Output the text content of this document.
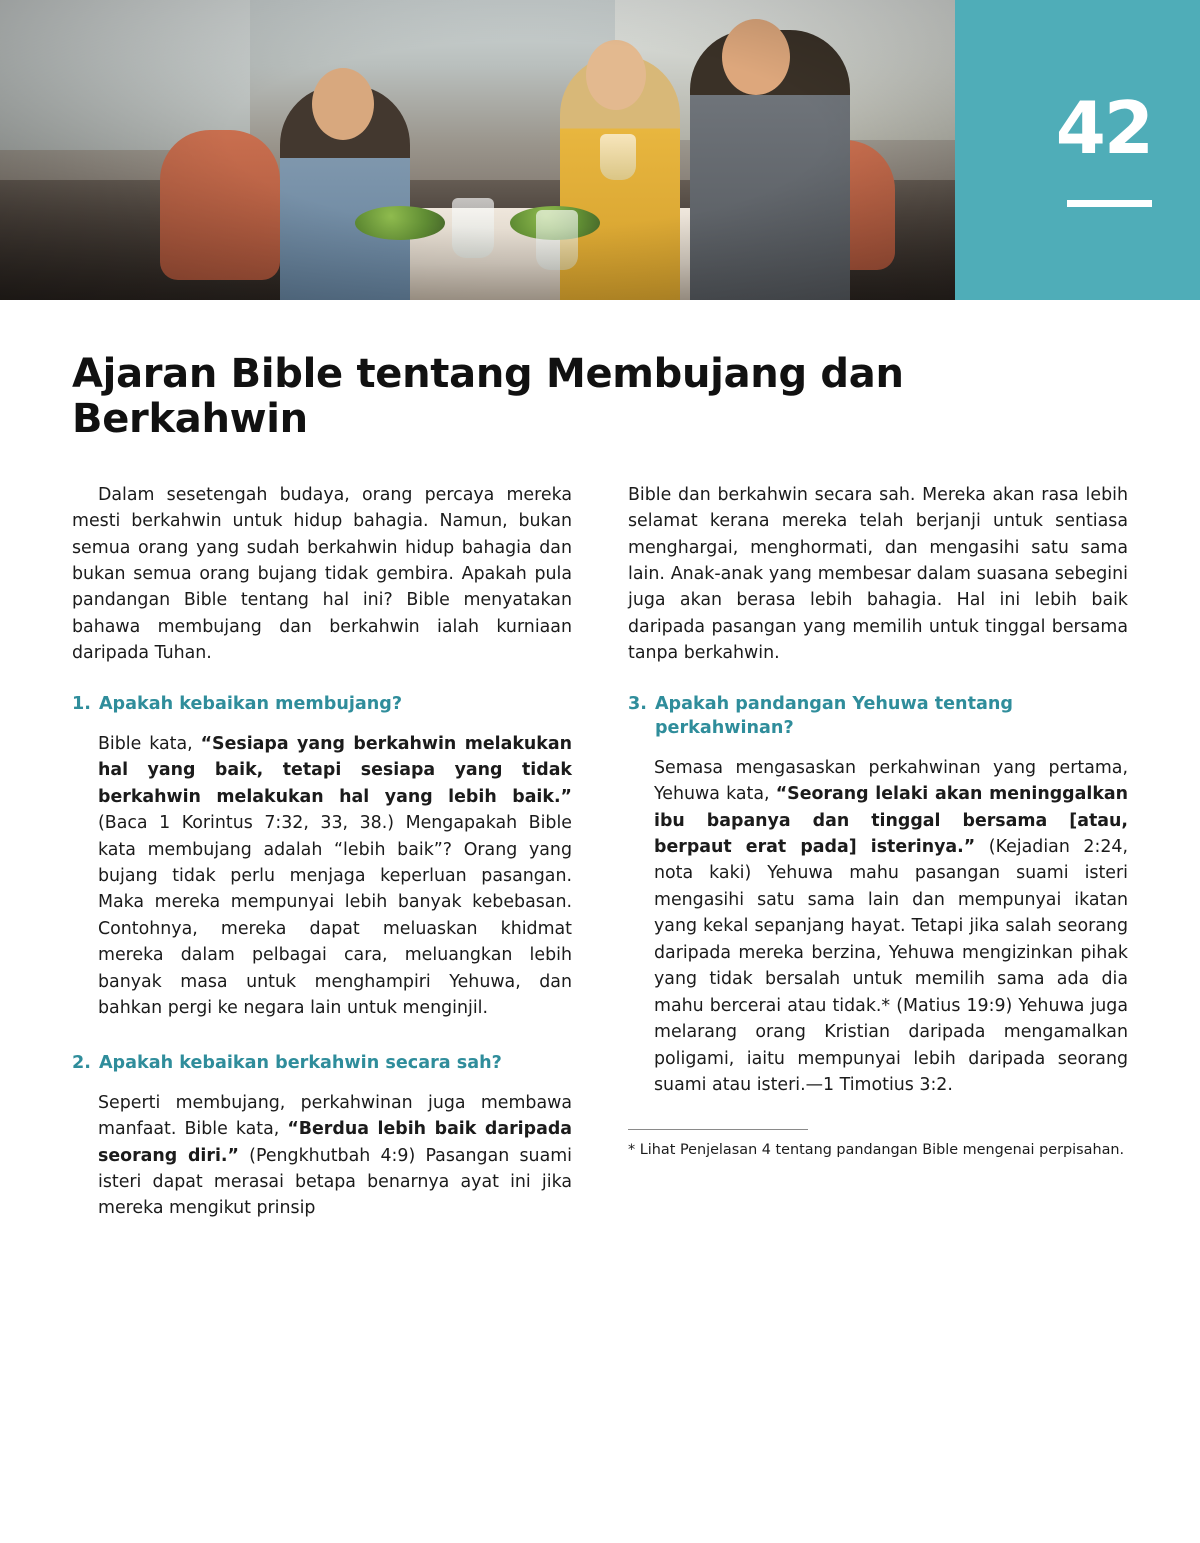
42
Ajaran Bible tentang Membujang dan Berkahwin

Dalam sesetengah budaya, orang percaya mereka mesti berkahwin untuk hidup bahagia. Namun, bukan semua orang yang sudah berkahwin hidup bahagia dan bukan semua orang bujang tidak gembira. Apakah pula pandangan Bible tentang hal ini? Bible menyatakan bahawa membujang dan berkahwin ialah kurniaan daripada Tuhan.

1. Apakah kebaikan membujang?

Bible kata, “Sesiapa yang berkahwin melakukan hal yang baik, tetapi sesiapa yang tidak berkahwin melakukan hal yang lebih baik.” (Baca 1 Korintus 7:32, 33, 38.) Mengapakah Bible kata membujang adalah “lebih baik”? Orang yang bujang tidak perlu menjaga keperluan pasangan. Maka mereka mempunyai lebih banyak kebebasan. Contohnya, mereka dapat meluaskan khidmat mereka dalam pelbagai cara, meluangkan lebih banyak masa untuk menghampiri Yehuwa, dan bahkan pergi ke negara lain untuk menginjil.

2. Apakah kebaikan berkahwin secara sah?

Seperti membujang, perkahwinan juga membawa manfaat. Bible kata, “Berdua lebih baik daripada seorang diri.” (Pengkhutbah 4:9) Pasangan suami isteri dapat merasai betapa benarnya ayat ini jika mereka mengikut prinsip

Bible dan berkahwin secara sah. Mereka akan rasa lebih selamat kerana mereka telah berjanji untuk sentiasa menghargai, menghormati, dan mengasihi satu sama lain. Anak-anak yang membesar dalam suasana sebegini juga akan berasa lebih bahagia. Hal ini lebih baik daripada pasangan yang memilih untuk tinggal bersama tanpa berkahwin.

3. Apakah pandangan Yehuwa tentang perkahwinan?

Semasa mengasaskan perkahwinan yang pertama, Yehuwa kata, “Seorang lelaki akan meninggalkan ibu bapanya dan tinggal bersama [atau, berpaut erat pada] isterinya.” (Kejadian 2:24, nota kaki) Yehuwa mahu pasangan suami isteri mengasihi satu sama lain dan mempunyai ikatan yang kekal sepanjang hayat. Tetapi jika salah seorang daripada mereka berzina, Yehuwa mengizinkan pihak yang tidak bersalah untuk memilih sama ada dia mahu bercerai atau tidak.* (Matius 19:9) Yehuwa juga melarang orang Kristian daripada mengamalkan poligami, iaitu mempunyai lebih daripada seorang suami atau isteri.—1 Timotius 3:2.

* Lihat Penjelasan 4 tentang pandangan Bible mengenai perpisahan.
